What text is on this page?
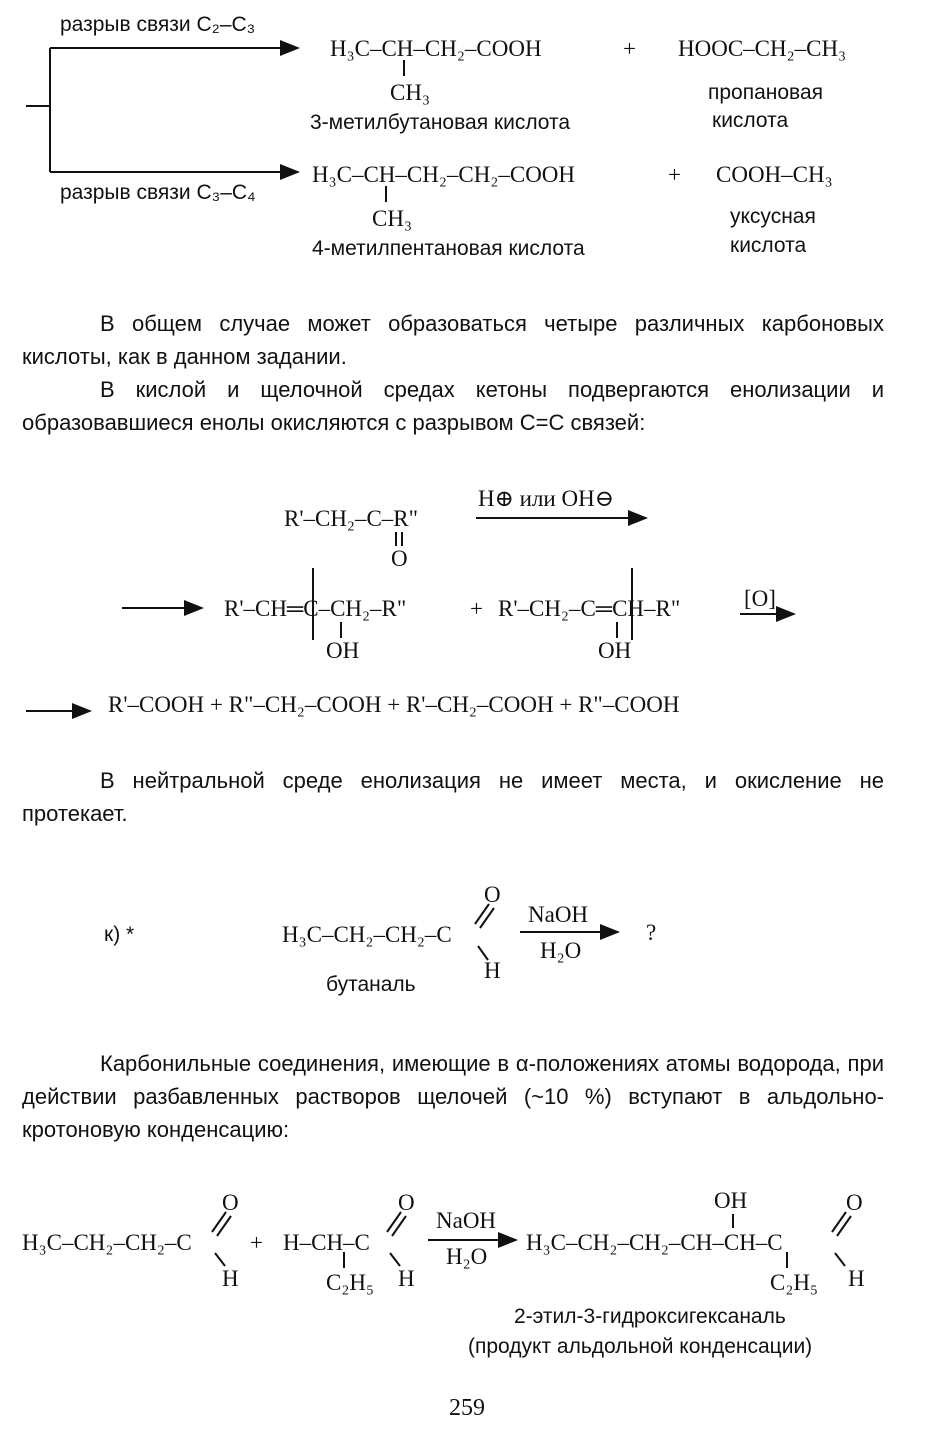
разрыв связи C₂–C₃
разрыв связи C₃–C₄
H₃C–CH–CH₂–COOH
CH₃
3-метилбутановая кислота
+ HOOC–CH₂–CH₃
пропановая
кислота
H₃C–CH–CH₂–CH₂–COOH
CH₃
4-метилпентановая кислота
+ COOH–CH₃
уксусная
кислота

В общем случае может образоваться четыре различных карбоновых кислоты, как в данном задании.

В кислой и щелочной средах кетоны подвергаются енолизации и образовавшиеся енолы окисляются с разрывом C=C связей:

R'–CH₂–C–R"
O
H⊕ или OH⊖
R'–CH═C–CH₂–R"
OH
+ R'–CH₂–C═CH–R"
OH
[O]
R'–COOH + R"–CH₂–COOH + R'–CH₂–COOH + R"–COOH

В нейтральной среде енолизация не имеет места, и окисление не протекает.

к) *	H₃C–CH₂–CH₂–C
O
H
NaOH
H₂O
?
бутаналь

Карбонильные соединения, имеющие в α-положениях атомы водорода, при действии разбавленных растворов щелочей (~10 %) вступают в альдольно-кротоновую конденсацию:

H₃C–CH₂–CH₂–C
O
H
+ H–CH–C
O
H
C₂H₅
NaOH
H₂O
H₃C–CH₂–CH₂–CH–CH–C
OH	O
H
C₂H₅
2-этил-3-гидроксигексаналь
(продукт альдольной конденсации)
259
